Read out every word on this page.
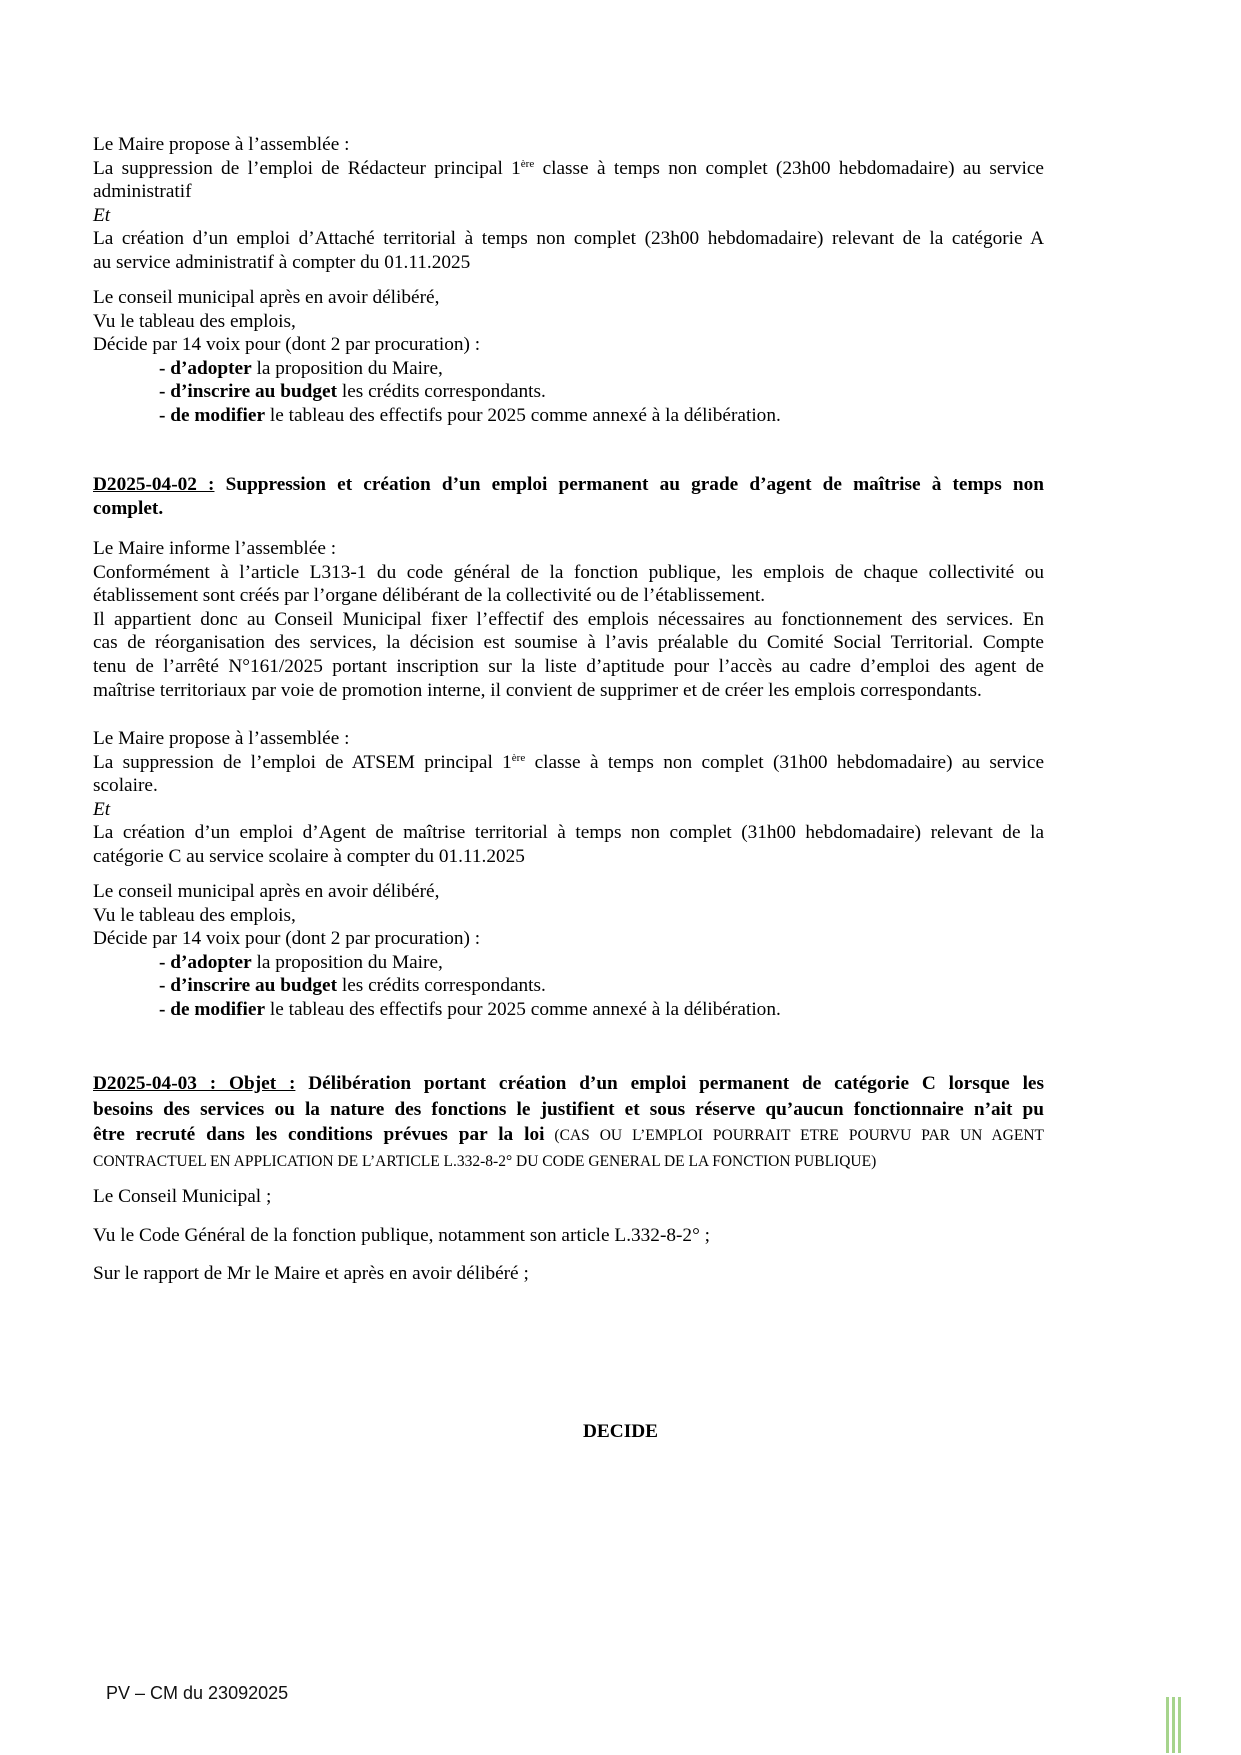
Le Maire propose à l’assemblée :
La suppression de l’emploi de Rédacteur principal 1ère classe à temps non complet (23h00 hebdomadaire) au service
administratif
Et
La création d’un emploi d’Attaché territorial à temps non complet (23h00 hebdomadaire) relevant de la catégorie A
au service administratif à compter du 01.11.2025
Le conseil municipal après en avoir délibéré,
Vu le tableau des emplois,
Décide par 14 voix pour (dont 2 par procuration) :
- d’adopter la proposition du Maire,
- d’inscrire au budget les crédits correspondants.
- de modifier le tableau des effectifs pour 2025 comme annexé à la délibération.
D2025-04-02 : Suppression et création d’un emploi permanent au grade d’agent de maîtrise à temps non
complet.
Le Maire informe l’assemblée :
Conformément à l’article L313-1 du code général de la fonction publique, les emplois de chaque collectivité ou
établissement sont créés par l’organe délibérant de la collectivité ou de l’établissement.
Il appartient donc au Conseil Municipal fixer l’effectif des emplois nécessaires au fonctionnement des services. En
cas de réorganisation des services, la décision est soumise à l’avis préalable du Comité Social Territorial. Compte
tenu de l’arrêté N°161/2025 portant inscription sur la liste d’aptitude pour l’accès au cadre d’emploi des agent de
maîtrise territoriaux par voie de promotion interne, il convient de supprimer et de créer les emplois correspondants.
Le Maire propose à l’assemblée :
La suppression de l’emploi de ATSEM principal 1ère classe à temps non complet (31h00 hebdomadaire) au service
scolaire.
Et
La création d’un emploi d’Agent de maîtrise territorial à temps non complet (31h00 hebdomadaire) relevant de la
catégorie C au service scolaire à compter du 01.11.2025
Le conseil municipal après en avoir délibéré,
Vu le tableau des emplois,
Décide par 14 voix pour (dont 2 par procuration) :
- d’adopter la proposition du Maire,
- d’inscrire au budget les crédits correspondants.
- de modifier le tableau des effectifs pour 2025 comme annexé à la délibération.
D2025-04-03 : Objet : Délibération portant création d’un emploi permanent de catégorie C lorsque les
besoins des services ou la nature des fonctions le justifient et sous réserve qu’aucun fonctionnaire n’ait pu
être recruté dans les conditions prévues par la loi (CAS OU L’EMPLOI POURRAIT ETRE POURVU PAR UN AGENT
CONTRACTUEL EN APPLICATION DE L’ARTICLE L.332-8-2° DU CODE GENERAL DE LA FONCTION PUBLIQUE)
Le Conseil Municipal ;
Vu le Code Général de la fonction publique, notamment son article L.332-8-2° ;
Sur le rapport de Mr le Maire et après en avoir délibéré ;
DECIDE
PV – CM du 23092025
